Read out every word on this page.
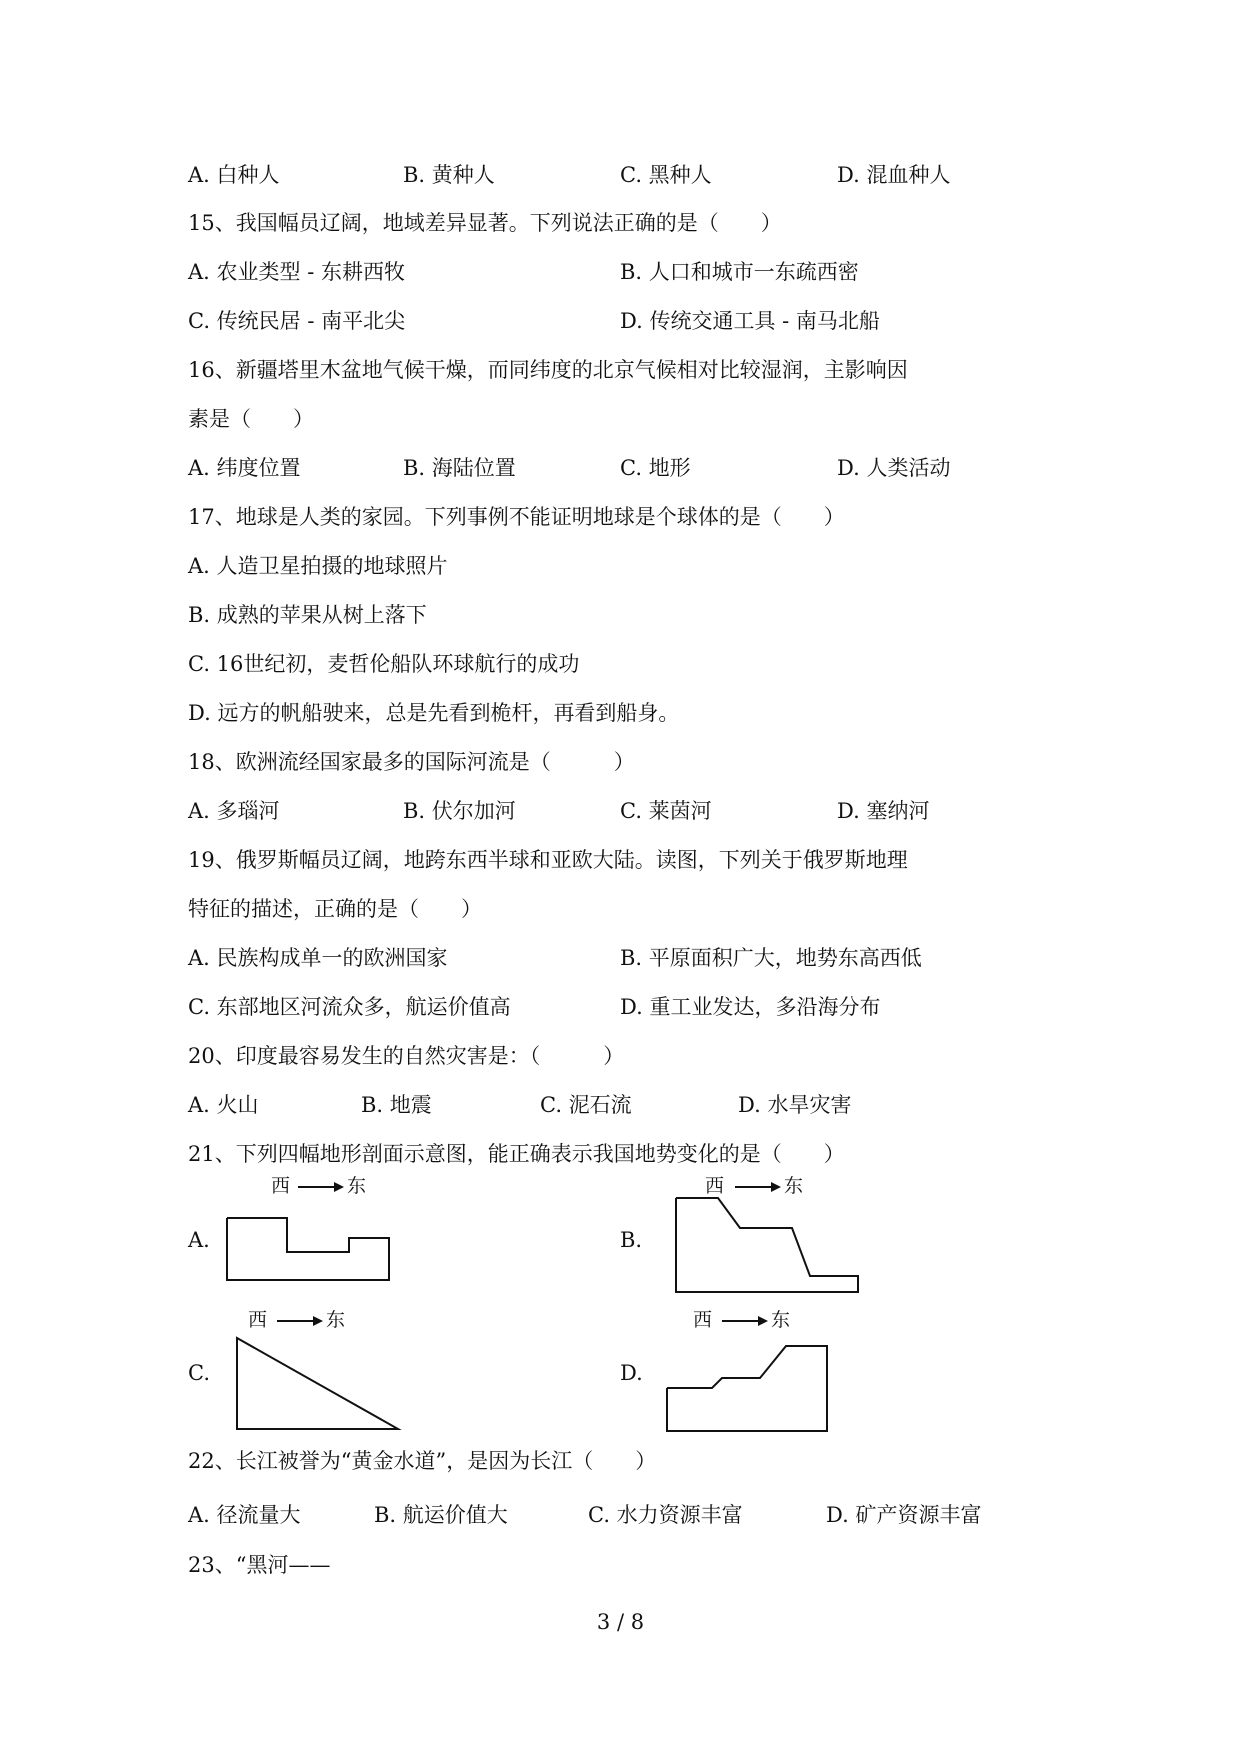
A. 白种人	B. 黄种人	C. 黑种人	D. 混血种人
15、我国幅员辽阔，地域差异显著。下列说法正确的是（　　）
A. 农业类型 - 东耕西牧	B. 人口和城市一东疏西密
C. 传统民居 - 南平北尖	D. 传统交通工具 - 南马北船
16、新疆塔里木盆地气候干燥，而同纬度的北京气候相对比较湿润，主影响因
素是（　　）
A. 纬度位置	B. 海陆位置	C. 地形	D. 人类活动
17、地球是人类的家园。下列事例不能证明地球是个球体的是（　　）
A. 人造卫星拍摄的地球照片
B. 成熟的苹果从树上落下
C. 16世纪初，麦哲伦船队环球航行的成功
D. 远方的帆船驶来，总是先看到桅杆，再看到船身。
18、欧洲流经国家最多的国际河流是（　　　）
A. 多瑙河	B. 伏尔加河	C. 莱茵河	D. 塞纳河
19、俄罗斯幅员辽阔，地跨东西半球和亚欧大陆。读图，下列关于俄罗斯地理
特征的描述，正确的是（　　）
A. 民族构成单一的欧洲国家	B. 平原面积广大，地势东高西低
C. 东部地区河流众多，航运价值高	D. 重工业发达，多沿海分布
20、印度最容易发生的自然灾害是：（　　　）
A. 火山	B. 地震	C. 泥石流	D. 水旱灾害
21、下列四幅地形剖面示意图，能正确表示我国地势变化的是（　　）
西	东
A.
西	东
B.
西	东
C.
西	东
D.
22、长江被誉为“黄金水道”，是因为长江（　　）
A. 径流量大	B. 航运价值大	C. 水力资源丰富	D. 矿产资源丰富
23、“黑河——
3 / 8
